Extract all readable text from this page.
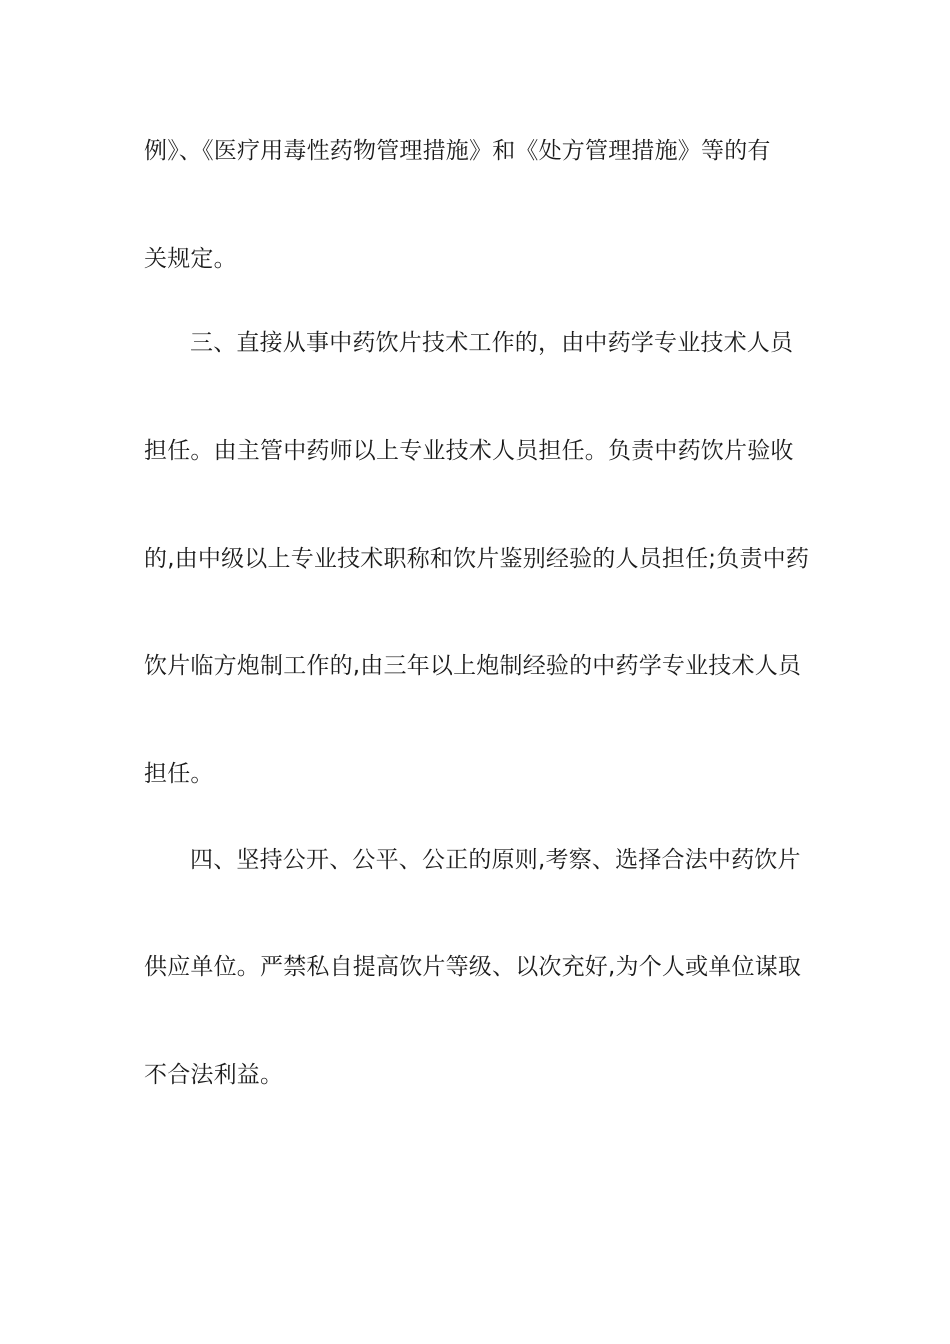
例》、《医疗用毒性药物管理措施》和《处方管理措施》等的有
关规定。
三、直接从事中药饮片技术工作的，由中药学专业技术人员
担任。由主管中药师以上专业技术人员担任。负责中药饮片验收
的,由中级以上专业技术职称和饮片鉴别经验的人员担任;负责中药
饮片临方炮制工作的,由三年以上炮制经验的中药学专业技术人员
担任。
四、坚持公开、公平、公正的原则,考察、选择合法中药饮片
供应单位。严禁私自提高饮片等级、以次充好,为个人或单位谋取
不合法利益。
